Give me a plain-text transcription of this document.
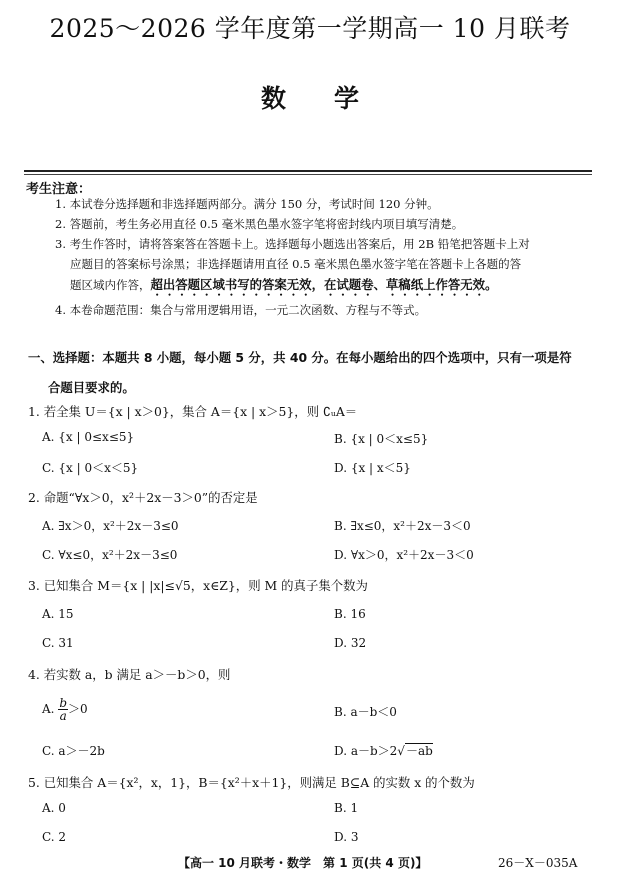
2025～2026 学年度第一学期高一 10 月联考
数学
考生注意：
1. 本试卷分选择题和非选择题两部分。满分 150 分，考试时间 120 分钟。
2. 答题前，考生务必用直径 0.5 毫米黑色墨水签字笔将密封线内项目填写清楚。
3. 考生作答时，请将答案答在答题卡上。选择题每小题选出答案后，用 2B 铅笔把答题卡上对
应题目的答案标号涂黑；非选择题请用直径 0.5 毫米黑色墨水签字笔在答题卡上各题的答
题区域内作答，超出答题区域书写的答案无效，在试题卷、草稿纸上作答无效。
4. 本卷命题范围：集合与常用逻辑用语，一元二次函数、方程与不等式。
一、选择题：本题共 8 小题，每小题 5 分，共 40 分。在每小题给出的四个选项中，只有一项是符
合题目要求的。
1. 若全集 U＝{x | x＞0}，集合 A＝{x | x＞5}，则 ∁ᵤA＝
A. {x | 0≤x≤5}	B. {x | 0＜x≤5}
C. {x | 0＜x＜5}	D. {x | x＜5}
2. 命题“∀x＞0，x²＋2x－3＞0”的否定是
A. ∃x＞0，x²＋2x－3≤0	B. ∃x≤0，x²＋2x－3＜0
C. ∀x≤0，x²＋2x－3≤0	D. ∀x＞0，x²＋2x－3＜0
3. 已知集合 M＝{x | |x|≤√5，x∈Z}，则 M 的真子集个数为
A. 15	B. 16
C. 31	D. 32
4. 若实数 a，b 满足 a＞－b＞0，则
A. $\frac{b}{a} >0$	B. a－b＜0
C. a＞－2b	D. a－b＞2√－ab
5. 已知集合 A＝{x²，x，1}，B＝{x²＋x＋1}，则满足 B⊆A 的实数 x 的个数为
A. 0	B. 1
C. 2	D. 3
【高一 10 月联考・数学　第 1 页(共 4 页)】	26－X－035A
